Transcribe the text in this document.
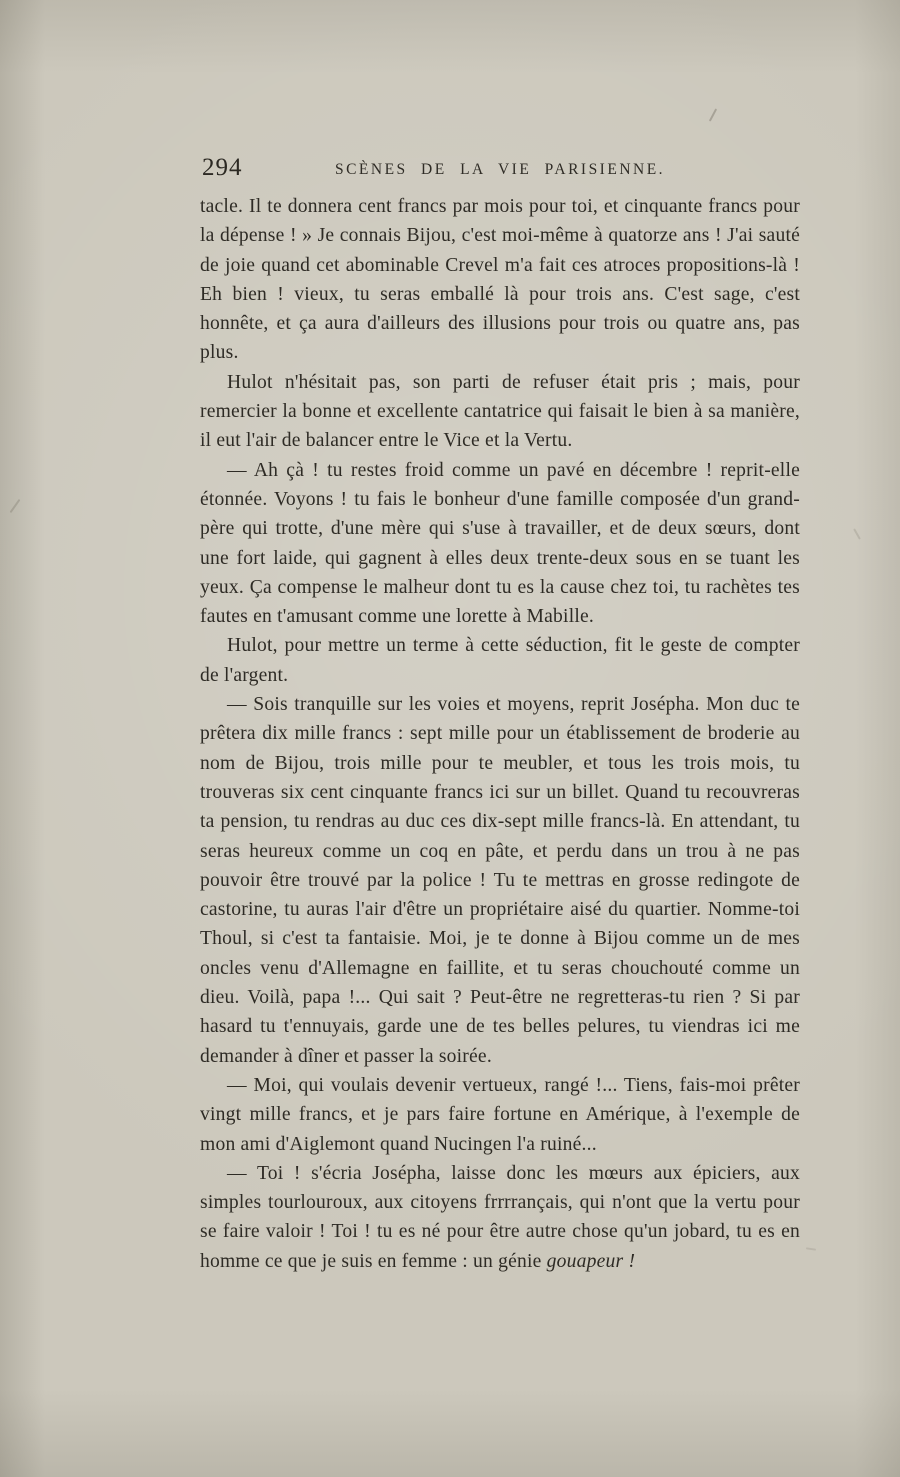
294	SCÈNES DE LA VIE PARISIENNE.

tacle. Il te donnera cent francs par mois pour toi, et cinquante francs pour la dépense ! » Je connais Bijou, c'est moi-même à quatorze ans ! J'ai sauté de joie quand cet abominable Crevel m'a fait ces atroces propositions-là ! Eh bien ! vieux, tu seras emballé là pour trois ans. C'est sage, c'est honnête, et ça aura d'ailleurs des illusions pour trois ou quatre ans, pas plus.

Hulot n'hésitait pas, son parti de refuser était pris ; mais, pour remercier la bonne et excellente cantatrice qui faisait le bien à sa manière, il eut l'air de balancer entre le Vice et la Vertu.

— Ah çà ! tu restes froid comme un pavé en décembre ! reprit-elle étonnée. Voyons ! tu fais le bonheur d'une famille composée d'un grand-père qui trotte, d'une mère qui s'use à travailler, et de deux sœurs, dont une fort laide, qui gagnent à elles deux trente-deux sous en se tuant les yeux. Ça compense le malheur dont tu es la cause chez toi, tu rachètes tes fautes en t'amusant comme une lorette à Mabille.

Hulot, pour mettre un terme à cette séduction, fit le geste de compter de l'argent.

— Sois tranquille sur les voies et moyens, reprit Josépha. Mon duc te prêtera dix mille francs : sept mille pour un établissement de broderie au nom de Bijou, trois mille pour te meubler, et tous les trois mois, tu trouveras six cent cinquante francs ici sur un billet. Quand tu recouvreras ta pension, tu rendras au duc ces dix-sept mille francs-là. En attendant, tu seras heureux comme un coq en pâte, et perdu dans un trou à ne pas pouvoir être trouvé par la police ! Tu te mettras en grosse redingote de castorine, tu auras l'air d'être un propriétaire aisé du quartier. Nomme-toi Thoul, si c'est ta fantaisie. Moi, je te donne à Bijou comme un de mes oncles venu d'Allemagne en faillite, et tu seras chouchouté comme un dieu. Voilà, papa !... Qui sait ? Peut-être ne regretteras-tu rien ? Si par hasard tu t'ennuyais, garde une de tes belles pelures, tu viendras ici me demander à dîner et passer la soirée.

— Moi, qui voulais devenir vertueux, rangé !... Tiens, fais-moi prêter vingt mille francs, et je pars faire fortune en Amérique, à l'exemple de mon ami d'Aiglemont quand Nucingen l'a ruiné...

— Toi ! s'écria Josépha, laisse donc les mœurs aux épiciers, aux simples tourlouroux, aux citoyens frrrrançais, qui n'ont que la vertu pour se faire valoir ! Toi ! tu es né pour être autre chose qu'un jobard, tu es en homme ce que je suis en femme : un génie gouapeur !
